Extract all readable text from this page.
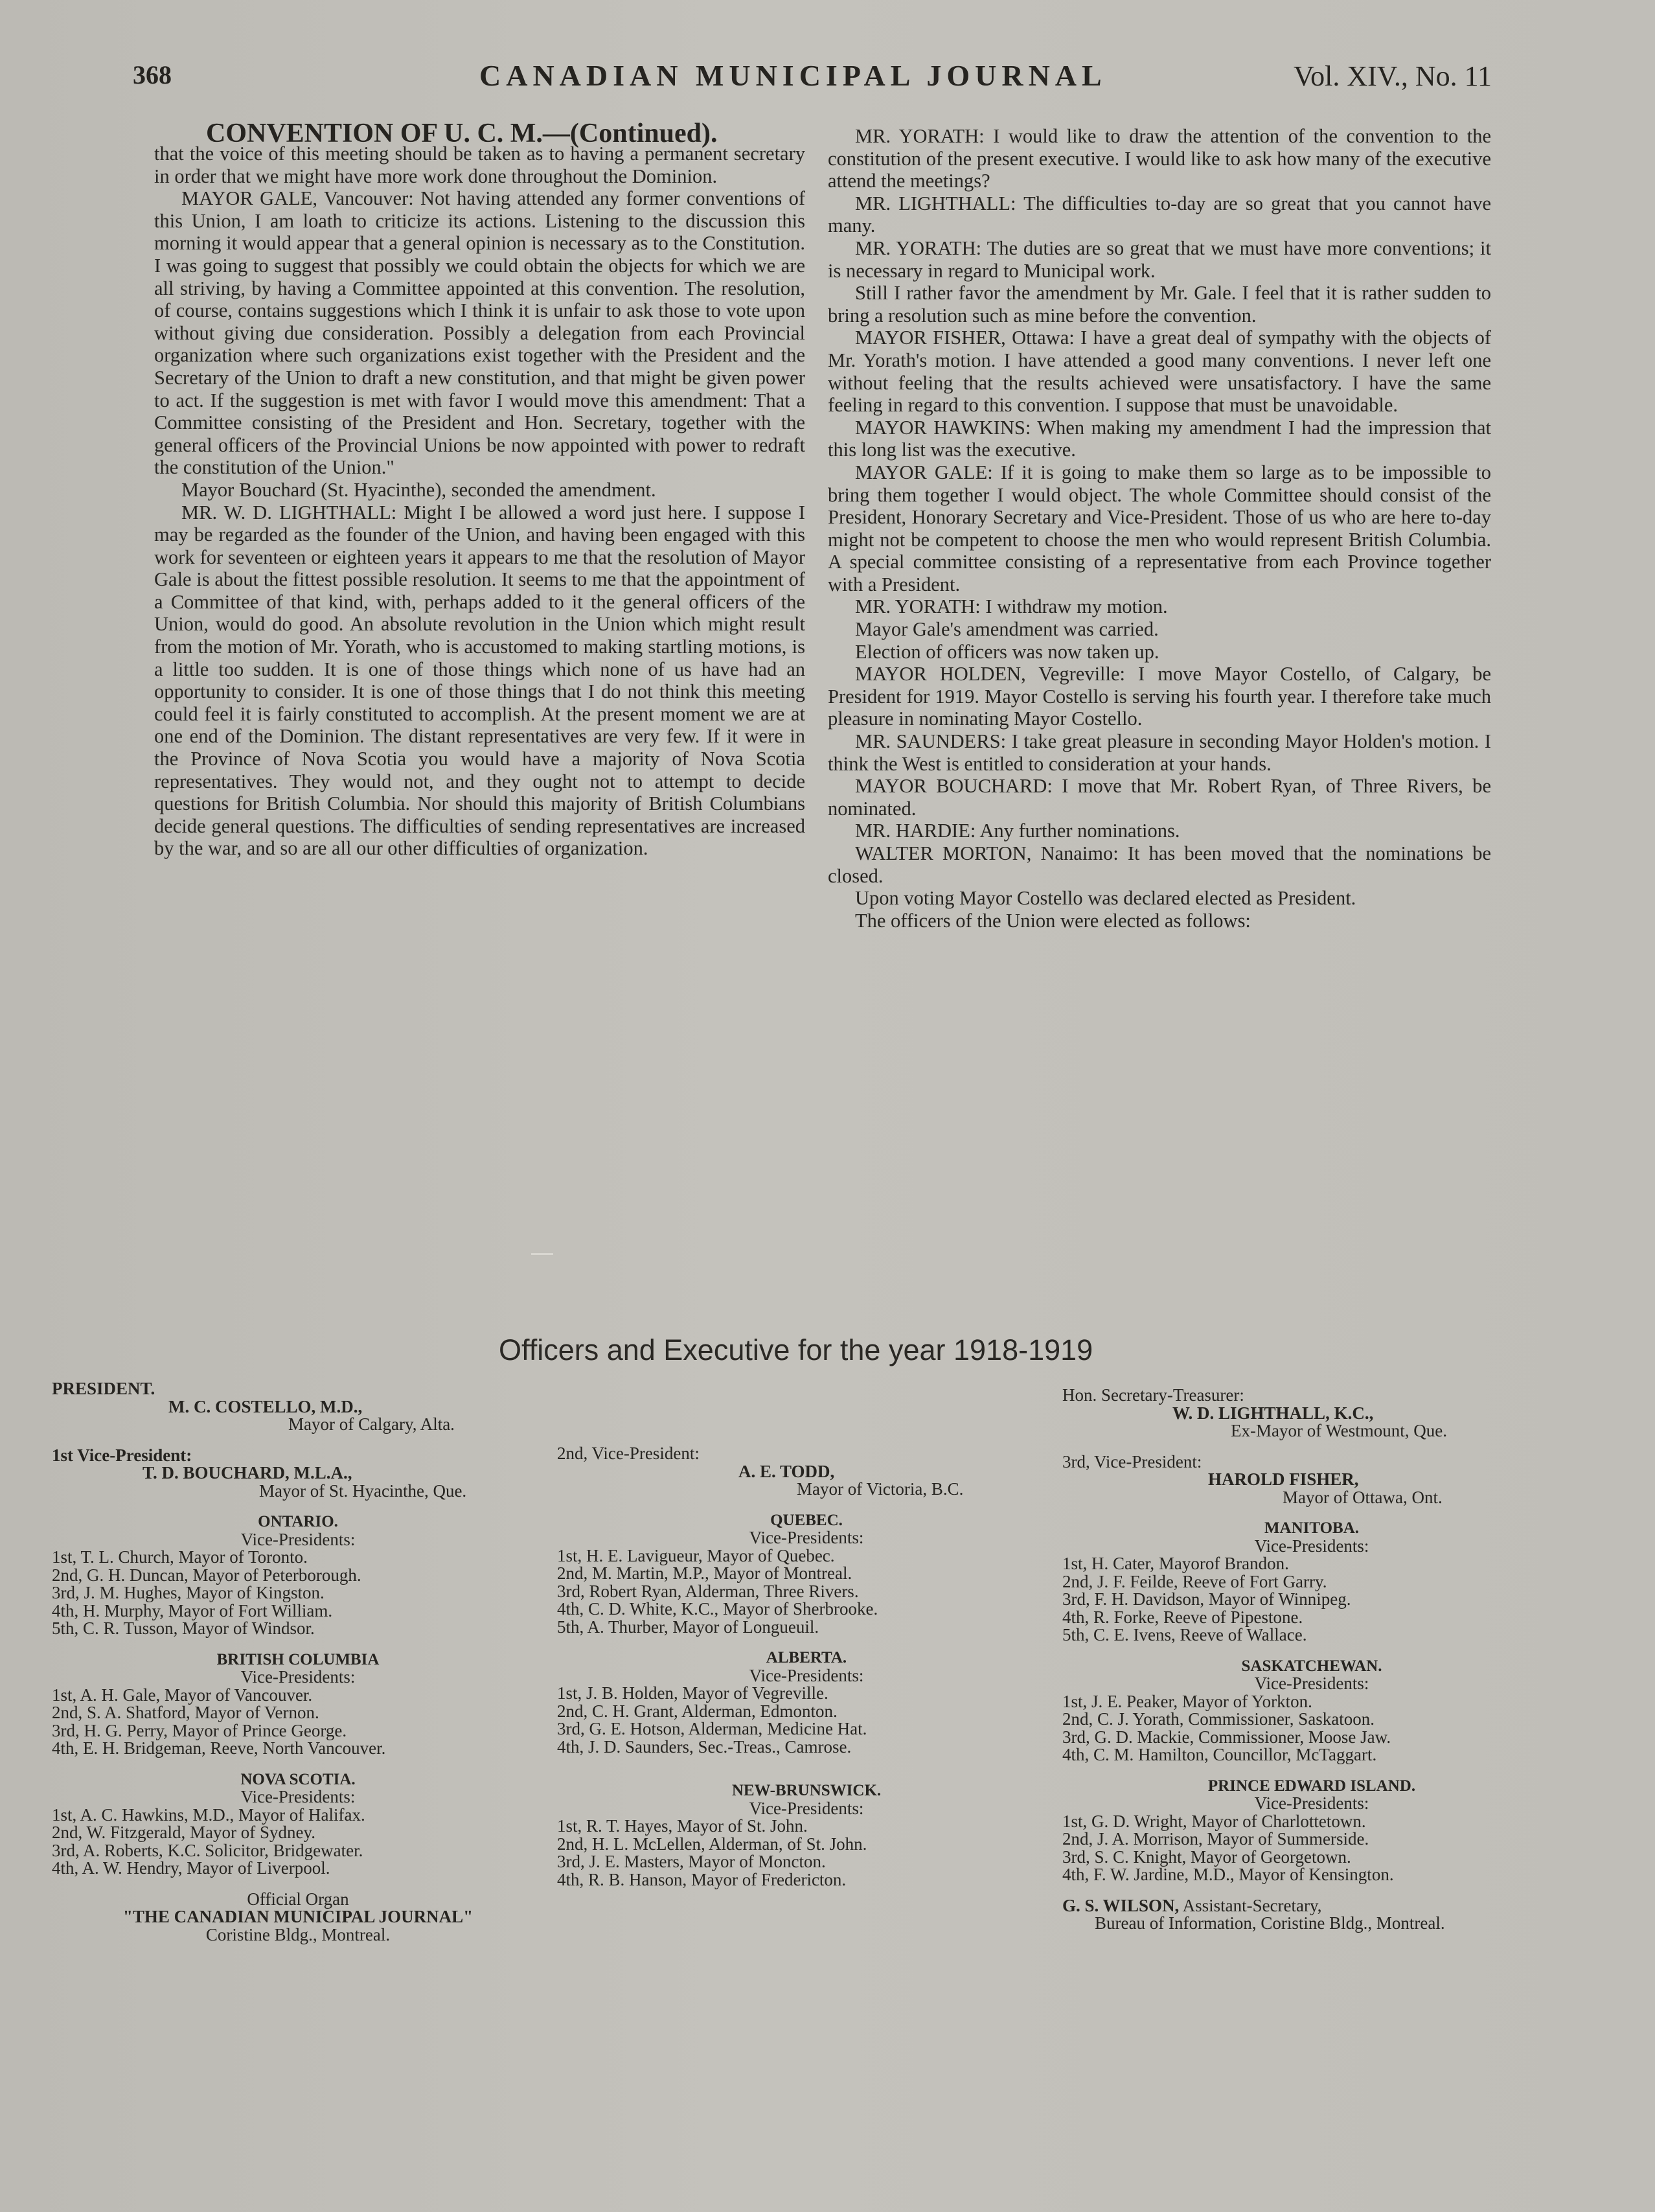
368	CANADIAN MUNICIPAL JOURNAL	Vol. XIV., No. 11
CONVENTION OF U. C. M.—(Continued).

that the voice of this meeting should be taken as to having a permanent secretary in order that we might have more work done throughout the Dominion.

MAYOR GALE, Vancouver: Not having attended any former conventions of this Union, I am loath to criticize its actions. Listening to the discussion this morning it would appear that a general opinion is necessary as to the Constitution. I was going to suggest that possibly we could obtain the objects for which we are all striving, by having a Committee appointed at this convention. The resolution, of course, contains suggestions which I think it is unfair to ask those to vote upon without giving due consideration. Possibly a delegation from each Provincial organization where such organizations exist together with the President and the Secretary of the Union to draft a new constitution, and that might be given power to act. If the suggestion is met with favor I would move this amendment: That a Committee consisting of the President and Hon. Secretary, together with the general officers of the Provincial Unions be now appointed with power to redraft the constitution of the Union."

Mayor Bouchard (St. Hyacinthe), seconded the amendment.

MR. W. D. LIGHTHALL: Might I be allowed a word just here. I suppose I may be regarded as the founder of the Union, and having been engaged with this work for seventeen or eighteen years it appears to me that the resolution of Mayor Gale is about the fittest possible resolution. It seems to me that the appointment of a Committee of that kind, with, perhaps added to it the general officers of the Union, would do good. An absolute revolution in the Union which might result from the motion of Mr. Yorath, who is accustomed to making startling motions, is a little too sudden. It is one of those things which none of us have had an opportunity to consider. It is one of those things that I do not think this meeting could feel it is fairly constituted to accomplish. At the present moment we are at one end of the Dominion. The distant representatives are very few. If it were in the Province of Nova Scotia you would have a majority of Nova Scotia representatives. They would not, and they ought not to attempt to decide questions for British Columbia. Nor should this majority of British Columbians decide general questions. The difficulties of sending representatives are increased by the war, and so are all our other difficulties of organization.

MR. YORATH: I would like to draw the attention of the convention to the constitution of the present executive. I would like to ask how many of the executive attend the meetings?

MR. LIGHTHALL: The difficulties to-day are so great that you cannot have many.

MR. YORATH: The duties are so great that we must have more conventions; it is necessary in regard to Municipal work.

Still I rather favor the amendment by Mr. Gale. I feel that it is rather sudden to bring a resolution such as mine before the convention.

MAYOR FISHER, Ottawa: I have a great deal of sympathy with the objects of Mr. Yorath's motion. I have attended a good many conventions. I never left one without feeling that the results achieved were unsatisfactory. I have the same feeling in regard to this convention. I suppose that must be unavoidable.

MAYOR HAWKINS: When making my amendment I had the impression that this long list was the executive.

MAYOR GALE: If it is going to make them so large as to be impossible to bring them together I would object. The whole Committee should consist of the President, Honorary Secretary and Vice-President. Those of us who are here to-day might not be competent to choose the men who would represent British Columbia. A special committee consisting of a representative from each Province together with a President.

MR. YORATH: I withdraw my motion.

Mayor Gale's amendment was carried.

Election of officers was now taken up.

MAYOR HOLDEN, Vegreville: I move Mayor Costello, of Calgary, be President for 1919. Mayor Costello is serving his fourth year. I therefore take much pleasure in nominating Mayor Costello.

MR. SAUNDERS: I take great pleasure in seconding Mayor Holden's motion. I think the West is entitled to consideration at your hands.

MAYOR BOUCHARD: I move that Mr. Robert Ryan, of Three Rivers, be nominated.

MR. HARDIE: Any further nominations.

WALTER MORTON, Nanaimo: It has been moved that the nominations be closed.

Upon voting Mayor Costello was declared elected as President.

The officers of the Union were elected as follows:

Officers and Executive for the year 1918-1919
PRESIDENT.
M. C. COSTELLO, M.D.,
Mayor of Calgary, Alta.
1st Vice-President:
T. D. BOUCHARD, M.L.A.,
Mayor of St. Hyacinthe, Que.
ONTARIO.
Vice-Presidents:
1st, T. L. Church, Mayor of Toronto.
2nd, G. H. Duncan, Mayor of Peterborough.
3rd, J. M. Hughes, Mayor of Kingston.
4th, H. Murphy, Mayor of Fort William.
5th, C. R. Tusson, Mayor of Windsor.
BRITISH COLUMBIA
Vice-Presidents:
1st, A. H. Gale, Mayor of Vancouver.
2nd, S. A. Shatford, Mayor of Vernon.
3rd, H. G. Perry, Mayor of Prince George.
4th, E. H. Bridgeman, Reeve, North Vancouver.
NOVA SCOTIA.
Vice-Presidents:
1st, A. C. Hawkins, M.D., Mayor of Halifax.
2nd, W. Fitzgerald, Mayor of Sydney.
3rd, A. Roberts, K.C. Solicitor, Bridgewater.
4th, A. W. Hendry, Mayor of Liverpool.
Official Organ
"THE CANADIAN MUNICIPAL JOURNAL"
Coristine Bldg., Montreal.
2nd, Vice-President:
A. E. TODD,
Mayor of Victoria, B.C.
QUEBEC.
Vice-Presidents:
1st, H. E. Lavigueur, Mayor of Quebec.
2nd, M. Martin, M.P., Mayor of Montreal.
3rd, Robert Ryan, Alderman, Three Rivers.
4th, C. D. White, K.C., Mayor of Sherbrooke.
5th, A. Thurber, Mayor of Longueuil.
ALBERTA.
Vice-Presidents:
1st, J. B. Holden, Mayor of Vegreville.
2nd, C. H. Grant, Alderman, Edmonton.
3rd, G. E. Hotson, Alderman, Medicine Hat.
4th, J. D. Saunders, Sec.-Treas., Camrose.
NEW-BRUNSWICK.
Vice-Presidents:
1st, R. T. Hayes, Mayor of St. John.
2nd, H. L. McLellen, Alderman, of St. John.
3rd, J. E. Masters, Mayor of Moncton.
4th, R. B. Hanson, Mayor of Fredericton.
Hon. Secretary-Treasurer:
W. D. LIGHTHALL, K.C.,
Ex-Mayor of Westmount, Que.
3rd, Vice-President:
HAROLD FISHER,
Mayor of Ottawa, Ont.
MANITOBA.
Vice-Presidents:
1st, H. Cater, Mayorof Brandon.
2nd, J. F. Feilde, Reeve of Fort Garry.
3rd, F. H. Davidson, Mayor of Winnipeg.
4th, R. Forke, Reeve of Pipestone.
5th, C. E. Ivens, Reeve of Wallace.
SASKATCHEWAN.
Vice-Presidents:
1st, J. E. Peaker, Mayor of Yorkton.
2nd, C. J. Yorath, Commissioner, Saskatoon.
3rd, G. D. Mackie, Commissioner, Moose Jaw.
4th, C. M. Hamilton, Councillor, McTaggart.
PRINCE EDWARD ISLAND.
Vice-Presidents:
1st, G. D. Wright, Mayor of Charlottetown.
2nd, J. A. Morrison, Mayor of Summerside.
3rd, S. C. Knight, Mayor of Georgetown.
4th, F. W. Jardine, M.D., Mayor of Kensington.
G. S. WILSON, Assistant-Secretary,
Bureau of Information, Coristine Bldg., Montreal.
